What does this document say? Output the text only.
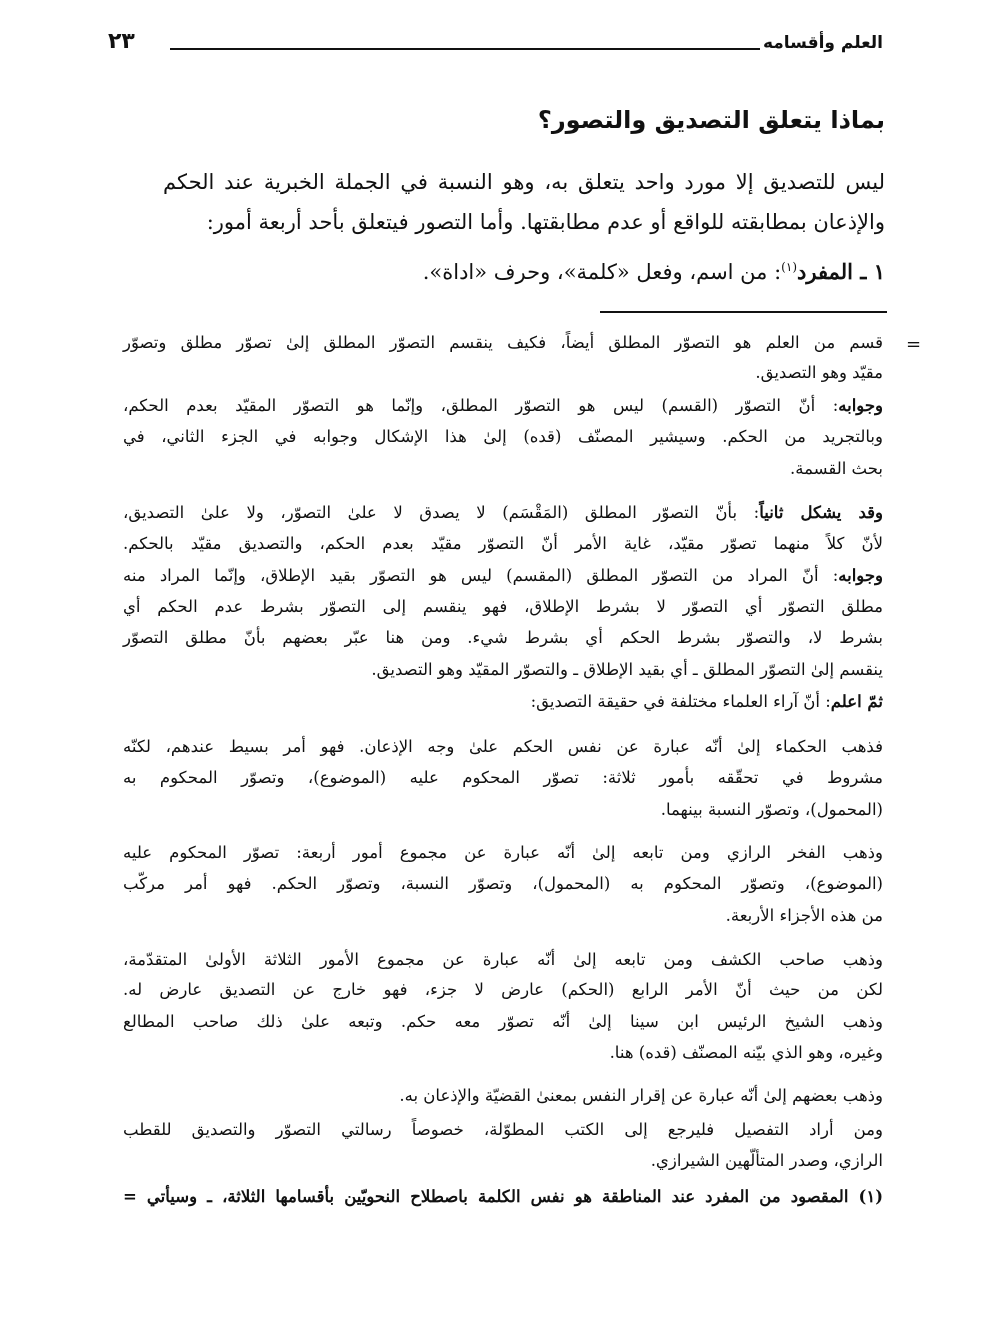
العلم وأقسامه
٢٣
بماذا يتعلق التصديق والتصور؟
ليس للتصديق إلا مورد واحد يتعلق به، وهو النسبة في الجملة الخبرية عند الحكم
والإذعان بمطابقته للواقع أو عدم مطابقتها. وأما التصور فيتعلق بأحد أربعة أمور:
١ ـ المفرد$^{(١)}$: من اسم، وفعل «كلمة»، وحرف «اداة».
=
قسم من العلم هو التصوّر المطلق أيضاً، فكيف ينقسم التصوّر المطلق إلىٰ تصوّر مطلق وتصوّر
مقيّد وهو التصديق.
وجوابه: أنّ التصوّر (القسم) ليس هو التصوّر المطلق، وإنّما هو التصوّر المقيّد بعدم الحكم،
وبالتجريد من الحكم. وسيشير المصنّف (قده) إلىٰ هذا الإشكال وجوابه في الجزء الثاني، في
بحث القسمة.
وقد يشكل ثانياً: بأنّ التصوّر المطلق (المَقْسَم) لا يصدق لا علىٰ التصوّر، ولا علىٰ التصديق،
لأنّ كلاً منهما تصوّر مقيّد، غاية الأمر أنّ التصوّر مقيّد بعدم الحكم، والتصديق مقيّد بالحكم.
وجوابه: أنّ المراد من التصوّر المطلق (المقسم) ليس هو التصوّر بقيد الإطلاق، وإنّما المراد منه
مطلق التصوّر أي التصوّر لا بشرط الإطلاق، فهو ينقسم إلى التصوّر بشرط عدم الحكم أي
بشرط لا، والتصوّر بشرط الحكم أي بشرط شيء. ومن هنا عبّر بعضهم بأنّ مطلق التصوّر
ينقسم إلىٰ التصوّر المطلق ـ أي بقيد الإطلاق ـ والتصوّر المقيّد وهو التصديق.
ثمّ اعلم: أنّ آراء العلماء مختلفة في حقيقة التصديق:
فذهب الحكماء إلىٰ أنّه عبارة عن نفس الحكم علىٰ وجه الإذعان. فهو أمر بسيط عندهم، لكنّه
مشروط في تحقّقه بأمور ثلاثة: تصوّر المحكوم عليه (الموضوع)، وتصوّر المحكوم به
(المحمول)، وتصوّر النسبة بينهما.
وذهب الفخر الرازي ومن تابعه إلىٰ أنّه عبارة عن مجموع أمور أربعة: تصوّر المحكوم عليه
(الموضوع)، وتصوّر المحكوم به (المحمول)، وتصوّر النسبة، وتصوّر الحكم. فهو أمر مركّب
من هذه الأجزاء الأربعة.
وذهب صاحب الكشف ومن تابعه إلىٰ أنّه عبارة عن مجموع الأمور الثلاثة الأولىٰ المتقدّمة،
لكن من حيث أنّ الأمر الرابع (الحكم) عارض لا جزء، فهو خارج عن التصديق عارض له.
وذهب الشيخ الرئيس ابن سينا إلىٰ أنّه تصوّر معه حكم. وتبعه علىٰ ذلك صاحب المطالع
وغيره، وهو الذي بيّنه المصنّف (قده) هنا.
وذهب بعضهم إلىٰ أنّه عبارة عن إقرار النفس بمعنىٰ القضيّة والإذعان به.
ومن أراد التفصيل فليرجع إلى الكتب المطوّلة، خصوصاً رسالتي التصوّر والتصديق للقطب
الرازي، وصدر المتألّهين الشيرازي.
(١) المقصود من المفرد عند المناطقة هو نفس الكلمة باصطلاح النحويّين بأقسامها الثلاثة، ـ وسيأتي =
